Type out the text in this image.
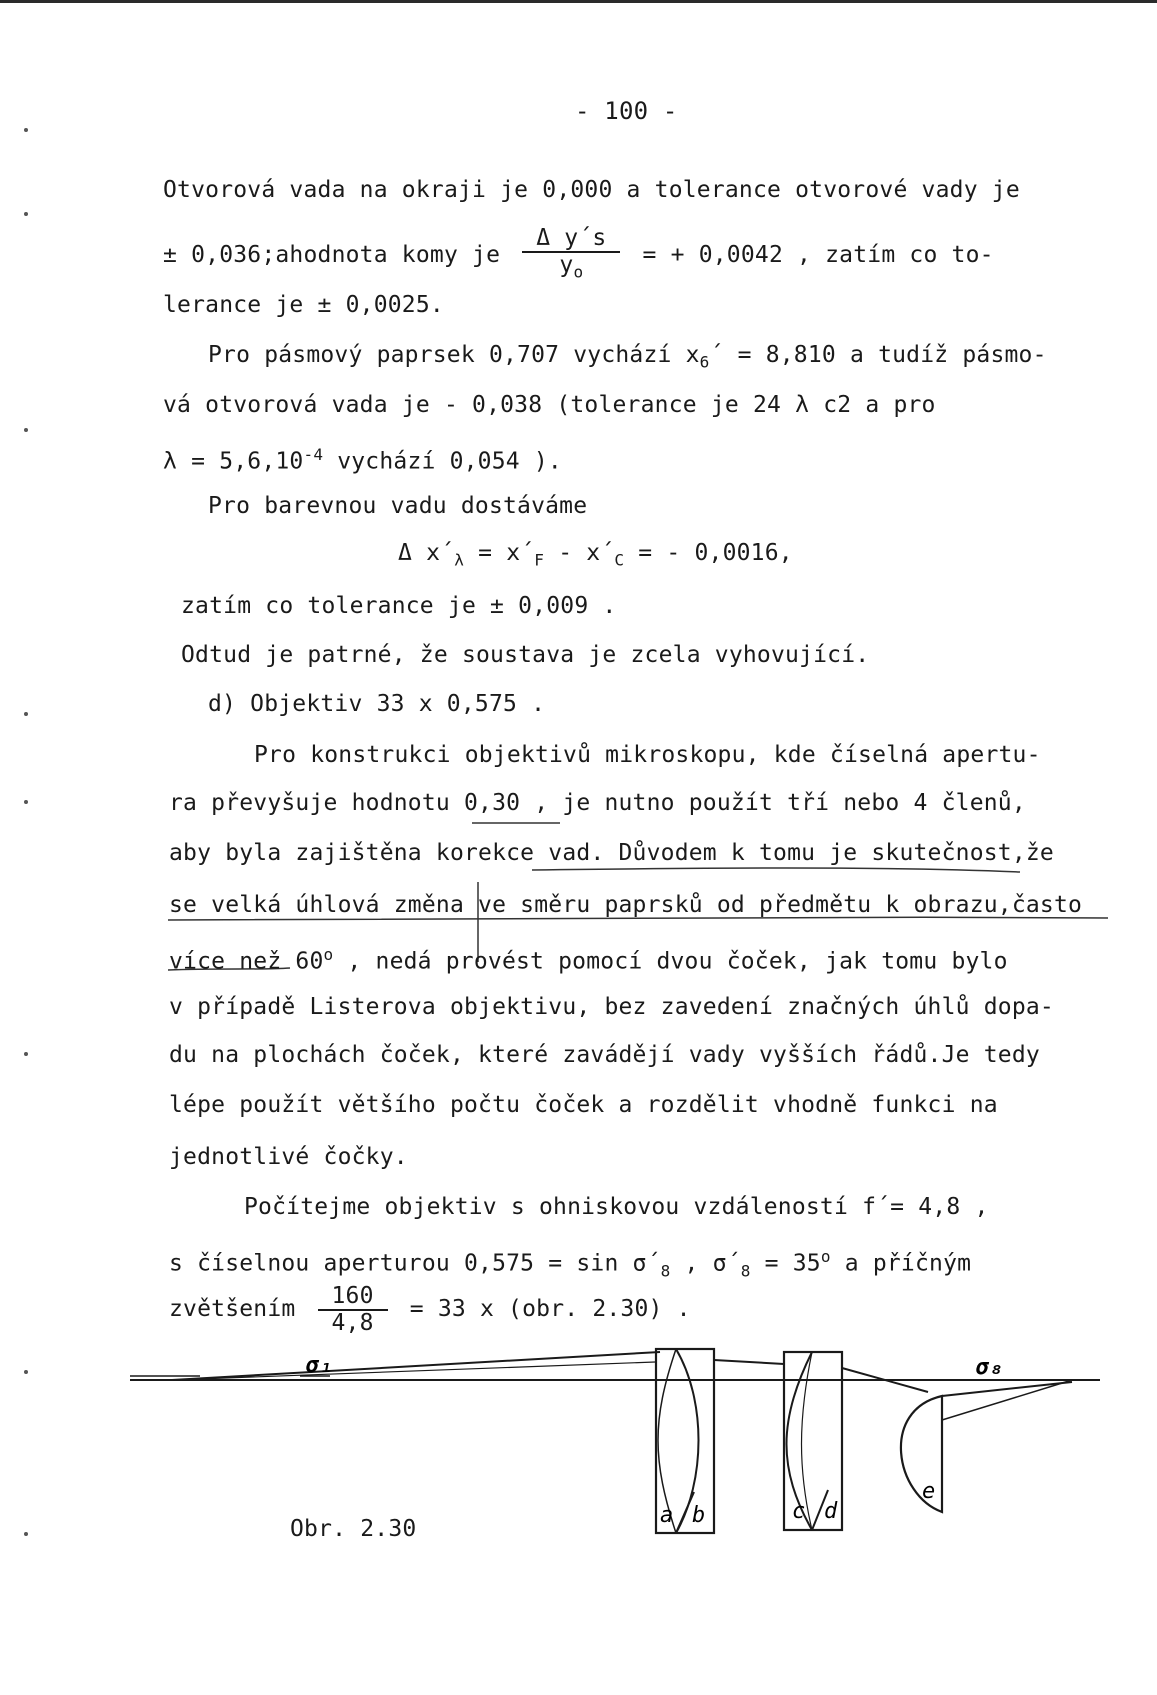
- 100 -
Otvorová vada na okraji je 0,000 a tolerance otvorové vady je
± 0,036;ahodnota komy je $\frac{\text{Δ y´s}}{y_o}$ = + 0,0042 , zatím co to-
lerance je ± 0,0025.
Pro pásmový paprsek 0,707 vychází $x_6´ = 8,810$ a tudíž pásmo-
vá otvorová vada je - 0,038 (tolerance je 24 λ c2 a pro
$\lambda = 5,6,10^{-4}$ vychází 0,054 ).
Pro barevnou vadu dostáváme
Δ $x´_\lambda$ = $x´_F$ - $x´_C$ = - 0,0016,
zatím co tolerance je ± 0,009 .
Odtud je patrné, že soustava je zcela vyhovující.
d) Objektiv 33 x 0,575 .
Pro konstrukci objektivů mikroskopu, kde číselná apertu-
ra převyšuje hodnotu 0,30 , je nutno použít tří nebo 4 členů,
aby byla zajištěna korekce vad. Důvodem k tomu je skutečnost,že
se velká úhlová změna ve směru paprsků od předmětu k obrazu,často
více než 60$^o$ , nedá provést pomocí dvou čoček, jak tomu bylo
v případě Listerova objektivu, bez zavedení značných úhlů dopa-
du na plochách čoček, které zavádějí vady vyšších řádů.Je tedy
lépe použít většího počtu čoček a rozdělit vhodně funkci na
jednotlivé čočky.
Počítejme objektiv s ohniskovou vzdáleností f´= 4,8 ,
s číselnou aperturou $0,575 = \sin \sigma´_8$ , $\sigma´_8 = 35^o$ a příčným
zvětšením $\frac{160}{4,8} = 33$ x (obr. 2.30) .
σ₁	σ₈
a b	c d
e
Obr. 2.30
